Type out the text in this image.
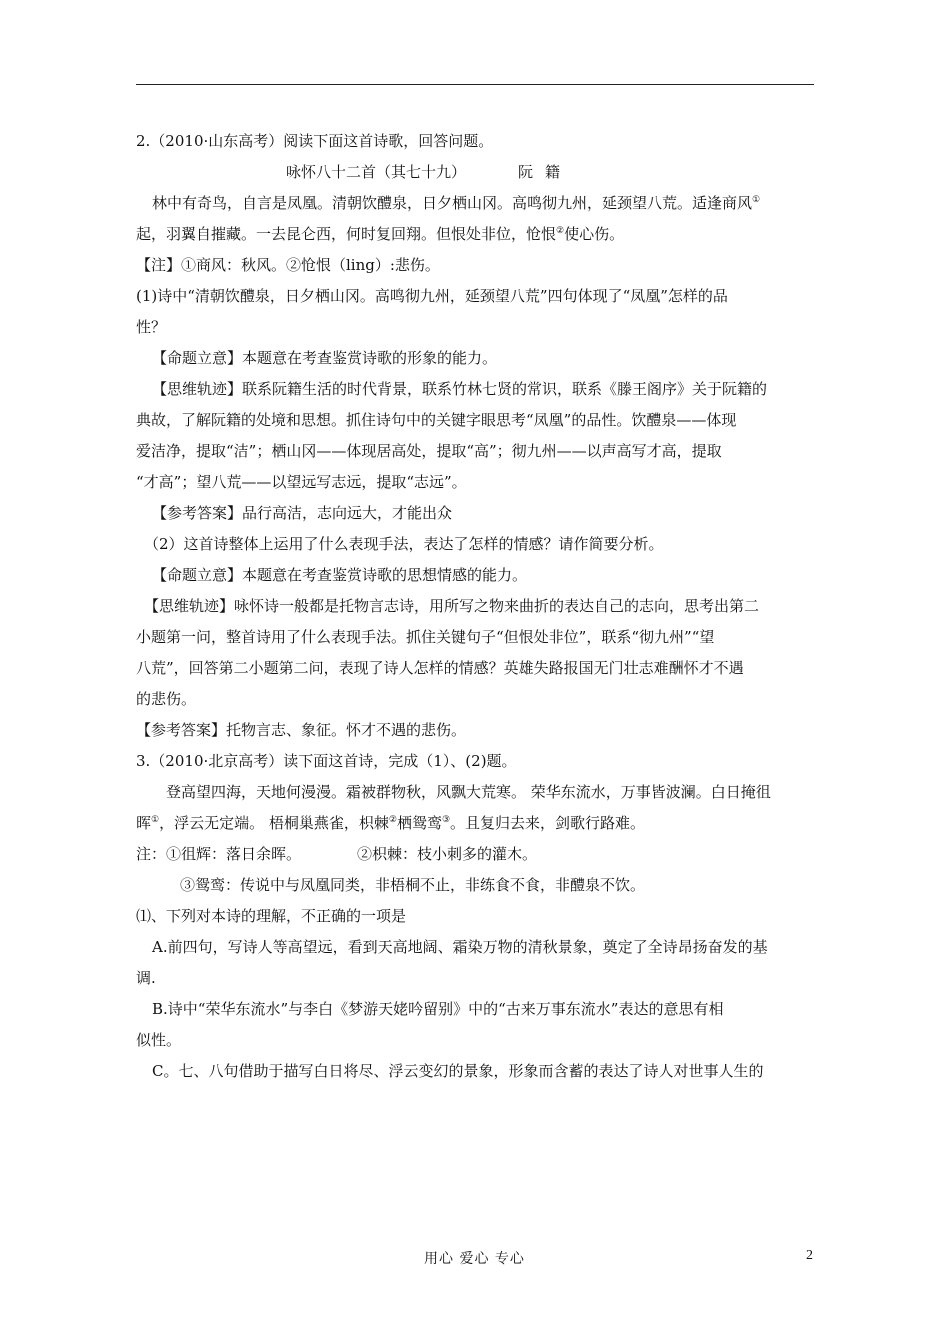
2.（2010·山东高考）阅读下面这首诗歌，回答问题。
咏怀八十二首（其七十九）	阮籍
林中有奇鸟，自言是凤凰。清朝饮醴泉，日夕栖山冈。高鸣彻九州，延颈望八荒。适逢商风①
起，羽翼自摧藏。一去昆仑西，何时复回翔。但恨处非位，怆恨②使心伤。
【注】①商风：秋风。②怆恨（ling）:悲伤。
(1)诗中“清朝饮醴泉，日夕栖山冈。高鸣彻九州，延颈望八荒”四句体现了“凤凰”怎样的品
性？
【命题立意】本题意在考查鉴赏诗歌的形象的能力。
【思维轨迹】联系阮籍生活的时代背景，联系竹林七贤的常识，联系《滕王阁序》关于阮籍的
典故，了解阮籍的处境和思想。抓住诗句中的关键字眼思考“凤凰”的品性。饮醴泉——体现
爱洁净，提取“洁”；栖山冈——体现居高处，提取“高”；彻九州——以声高写才高，提取
“才高”；望八荒——以望远写志远，提取“志远”。
【参考答案】品行高洁，志向远大，才能出众
（2）这首诗整体上运用了什么表现手法，表达了怎样的情感？请作简要分析。
【命题立意】本题意在考查鉴赏诗歌的思想情感的能力。
【思维轨迹】咏怀诗一般都是托物言志诗，用所写之物来曲折的表达自己的志向，思考出第二
小题第一问，整首诗用了什么表现手法。抓住关键句子“但恨处非位”，联系“彻九州”“望
八荒”，回答第二小题第二问，表现了诗人怎样的情感？英雄失路报国无门壮志难酬怀才不遇
的悲伤。
【参考答案】托物言志、象征。怀才不遇的悲伤。
3.（2010·北京高考）读下面这首诗，完成（1）、(2)题。
登高望四海，天地何漫漫。霜被群物秋，风飘大荒寒。 荣华东流水，万事皆波澜。白日掩徂
晖①，浮云无定端。 梧桐巢燕雀，枳棘②栖鸳鸾③。且复归去来，剑歌行路难。
注：①徂辉：落日余晖。	②枳棘：枝小刺多的灌木。
③鸳鸾：传说中与凤凰同类，非梧桐不止，非练食不食，非醴泉不饮。
⑴、下列对本诗的理解，不正确的一项是
A.前四句，写诗人等高望远，看到天高地阔、霜染万物的清秋景象，奠定了全诗昂扬奋发的基
调.
B.诗中“荣华东流水”与李白《梦游天姥吟留别》中的“古来万事东流水”表达的意思有相
似性。
C。七、八句借助于描写白日将尽、浮云变幻的景象，形象而含蓄的表达了诗人对世事人生的
用心 爱心 专心	2
